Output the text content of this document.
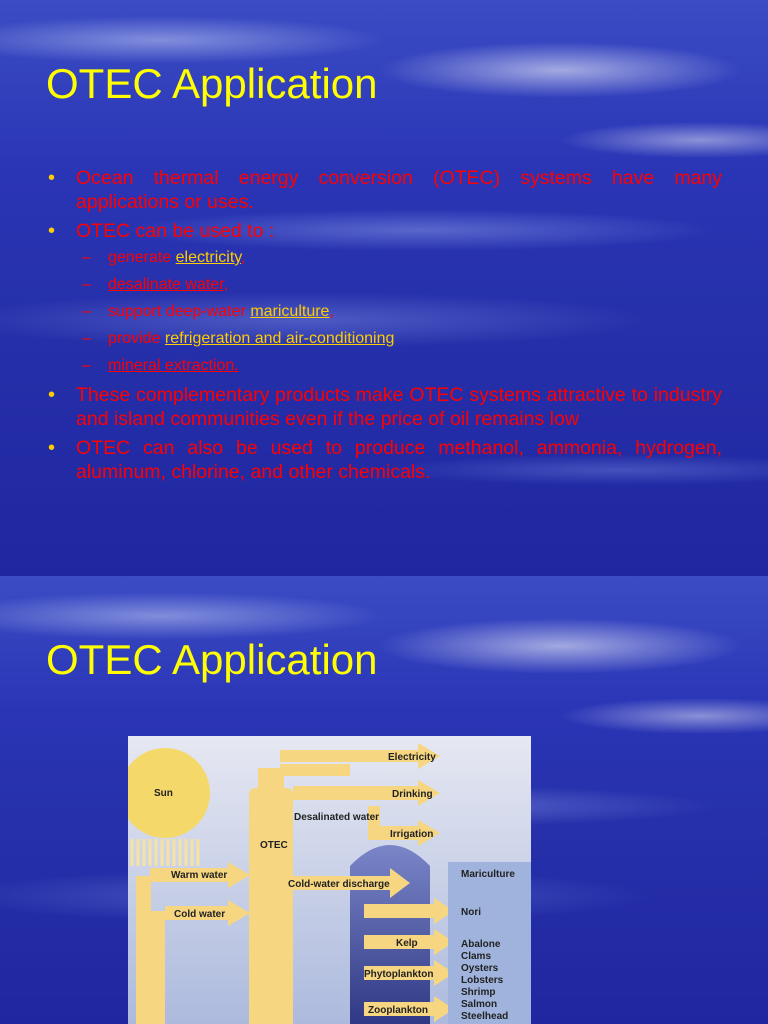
OTEC Application
• Ocean thermal energy conversion (OTEC) systems have many applications or uses.
• OTEC can be used to :
– generate electricity,
– desalinate water,
– support deep-water mariculture,
– provide refrigeration and air-conditioning
– mineral extraction.
• These complementary products make OTEC systems attractive to industry and island communities even if the price of oil remains low
• OTEC can also be used to produce methanol, ammonia, hydrogen, aluminum, chlorine, and other chemicals.
OTEC Application
Sun
OTEC
Electricity
Drinking
Desalinated water
Irrigation
Warm water
Cold-water discharge
Cold water
Mariculture
Nori
Kelp	Abalone
Phytoplankton
Zooplankton
Clams
Oysters
Lobsters
Shrimp
Salmon
Steelhead
